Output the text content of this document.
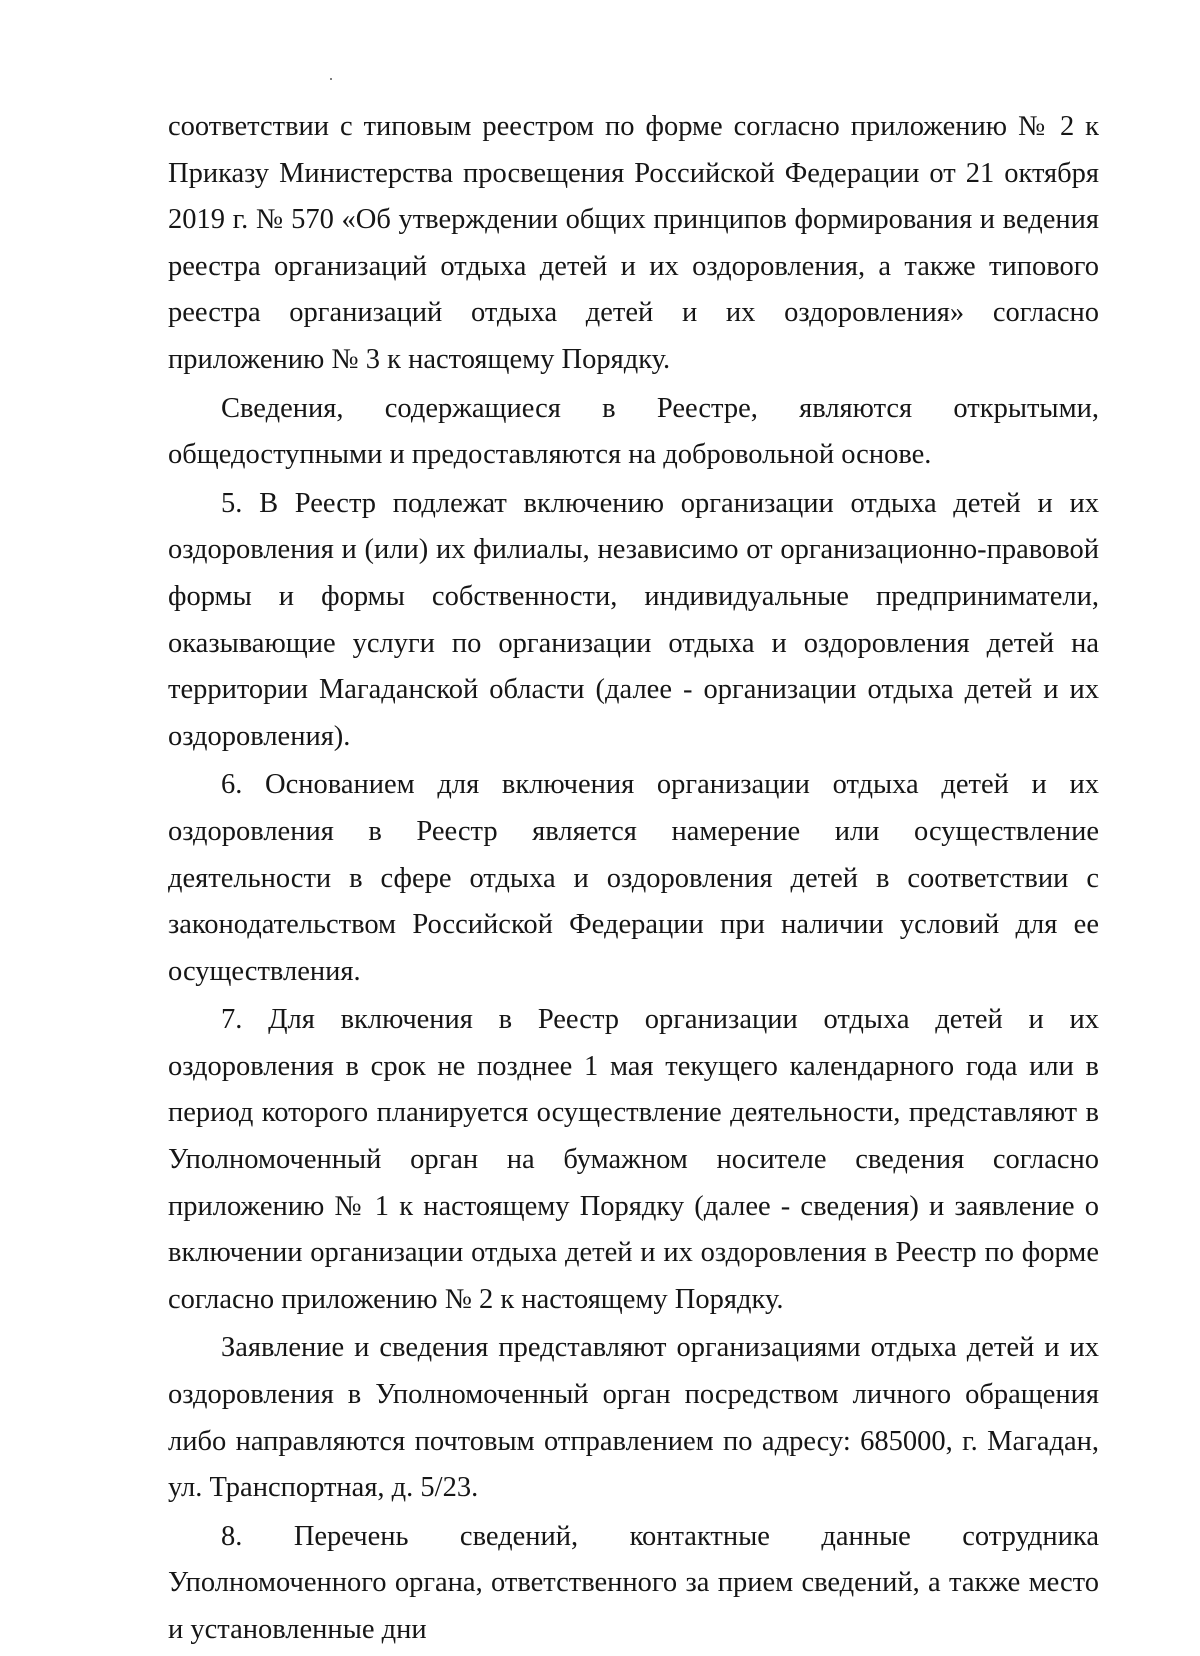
соответствии с типовым реестром по форме согласно приложению № 2 к Приказу Министерства просвещения Российской Федерации от 21 октября 2019 г. № 570 «Об утверждении общих принципов формирования и ведения реестра организаций отдыха детей и их оздоровления, а также типового реестра организаций отдыха детей и их оздоровления» согласно приложению № 3 к настоящему Порядку.

Сведения, содержащиеся в Реестре, являются открытыми, общедоступными и предоставляются на добровольной основе.

5. В Реестр подлежат включению организации отдыха детей и их оздоровления и (или) их филиалы, независимо от организационно-правовой формы и формы собственности, индивидуальные предприниматели, оказывающие услуги по организации отдыха и оздоровления детей на территории Магаданской области (далее - организации отдыха детей и их оздоровления).

6. Основанием для включения организации отдыха детей и их оздоровления в Реестр является намерение или осуществление деятельности в сфере отдыха и оздоровления детей в соответствии с законодательством Российской Федерации при наличии условий для ее осуществления.

7. Для включения в Реестр организации отдыха детей и их оздоровления в срок не позднее 1 мая текущего календарного года или в период которого планируется осуществление деятельности, представляют в Уполномоченный орган на бумажном носителе сведения согласно приложению № 1 к настоящему Порядку (далее - сведения) и заявление о включении организации отдыха детей и их оздоровления в Реестр по форме согласно приложению № 2 к настоящему Порядку.

Заявление и сведения представляют организациями отдыха детей и их оздоровления в Уполномоченный орган посредством личного обращения либо направляются почтовым отправлением по адресу: 685000, г. Магадан, ул. Транспортная, д. 5/23.

8. Перечень сведений, контактные данные сотрудника Уполномоченного органа, ответственного за прием сведений, а также место и установленные дни
